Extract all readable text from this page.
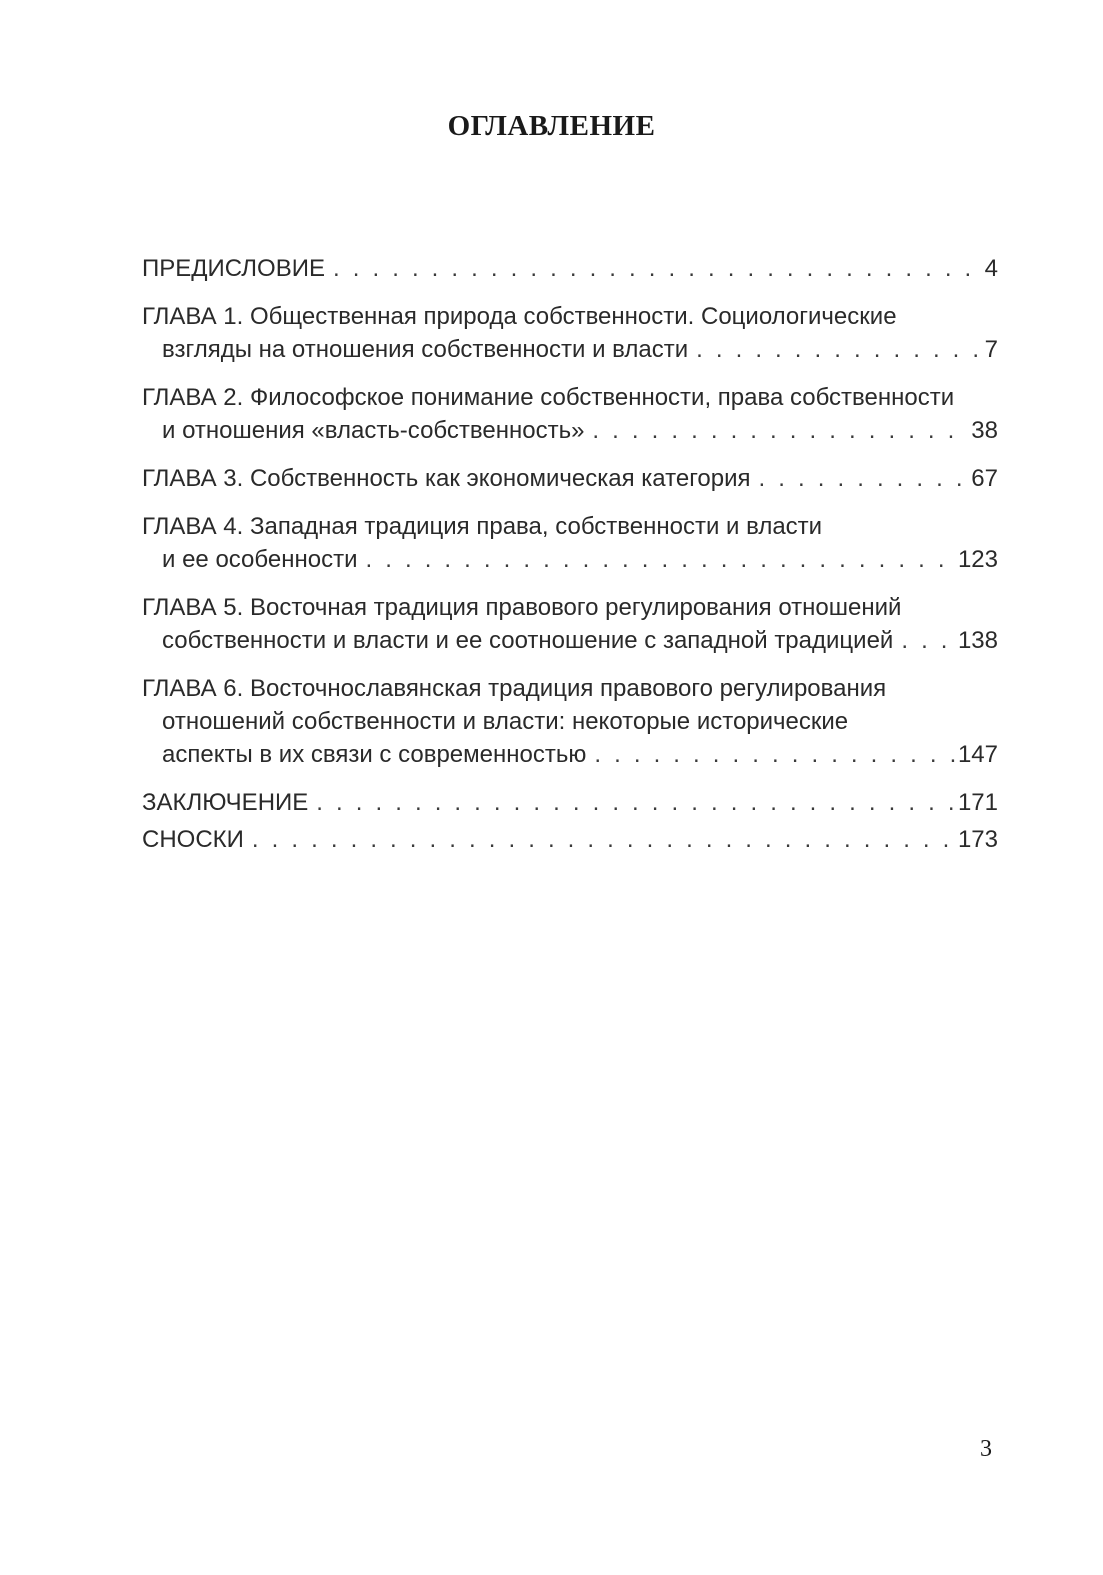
ОГЛАВЛЕНИЕ
ПРЕДИСЛОВИЕ . . .	4
ГЛАВА 1. Общественная природа собственности. Социологические
взгляды на отношения собственности и власти . . .	7
ГЛАВА 2. Философское понимание собственности, права собственности
и отношения «власть-собственность» . . .	38
ГЛАВА 3. Собственность как экономическая категория . . .	67
ГЛАВА 4. Западная традиция права, собственности и власти
и ее особенности . . .	123
ГЛАВА 5. Восточная традиция правового регулирования отношений
собственности и власти и ее соотношение с западной традицией . . .	138
ГЛАВА 6. Восточнославянская традиция правового регулирования
отношений собственности и власти: некоторые исторические
аспекты в их связи с современностью . . .	147
ЗАКЛЮЧЕНИЕ . . .	171
СНОСКИ . . .	173
3
